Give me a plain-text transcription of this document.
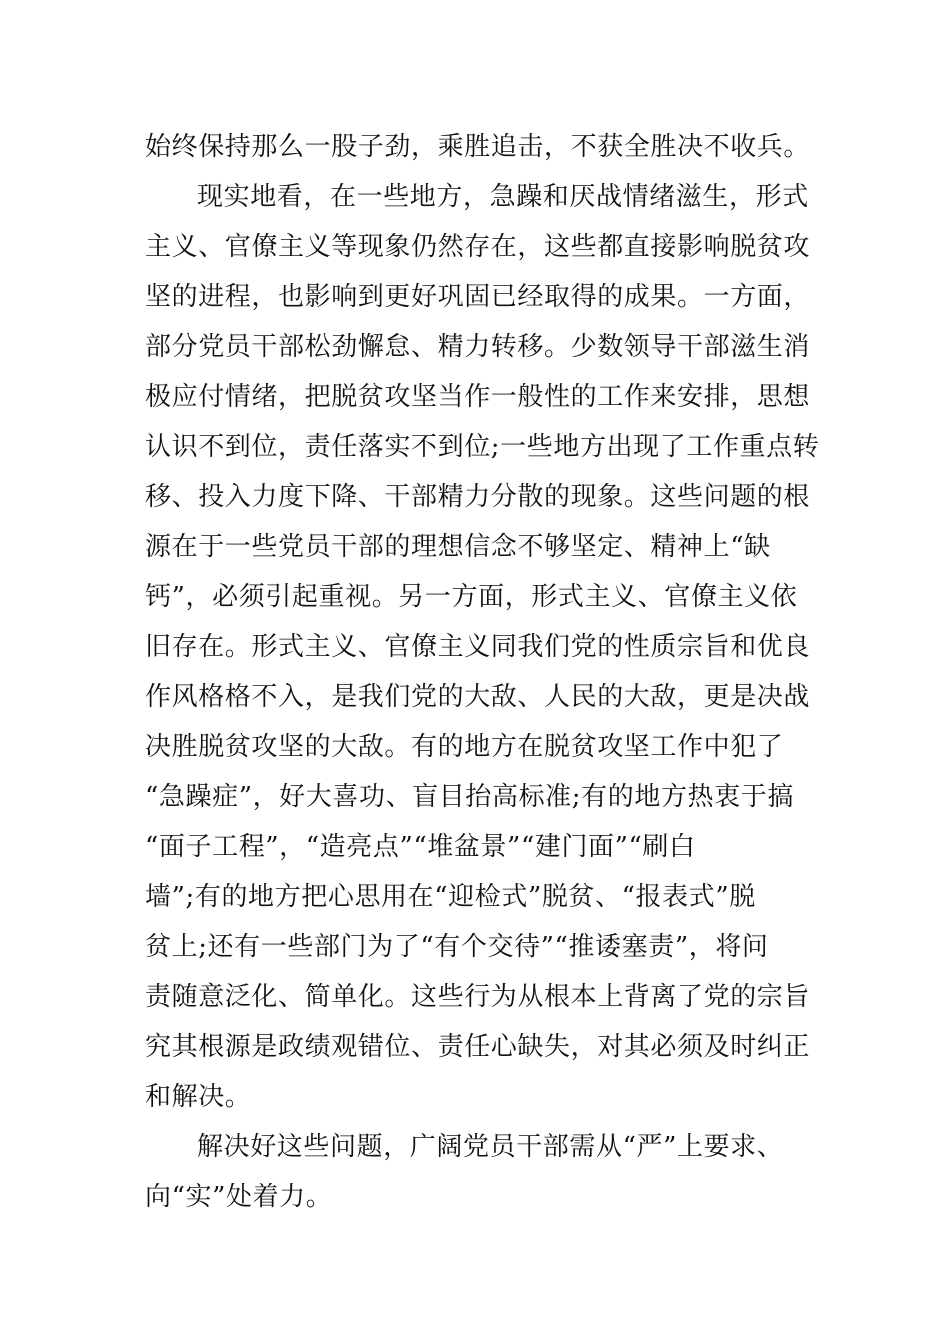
始终保持那么一股子劲，乘胜追击，不获全胜决不收兵。
现实地看，在一些地方，急躁和厌战情绪滋生，形式
主义、官僚主义等现象仍然存在，这些都直接影响脱贫攻
坚的进程，也影响到更好巩固已经取得的成果。一方面，
部分党员干部松劲懈怠、精力转移。少数领导干部滋生消
极应付情绪，把脱贫攻坚当作一般性的工作来安排，思想
认识不到位，责任落实不到位;一些地方出现了工作重点转
移、投入力度下降、干部精力分散的现象。这些问题的根
源在于一些党员干部的理想信念不够坚定、精神上“缺
钙”，必须引起重视。另一方面，形式主义、官僚主义依
旧存在。形式主义、官僚主义同我们党的性质宗旨和优良
作风格格不入，是我们党的大敌、人民的大敌，更是决战
决胜脱贫攻坚的大敌。有的地方在脱贫攻坚工作中犯了
“急躁症”，好大喜功、盲目抬高标准;有的地方热衷于搞
“面子工程”，“造亮点”“堆盆景”“建门面”“刷白
墙”;有的地方把心思用在“迎检式”脱贫、“报表式”脱
贫上;还有一些部门为了“有个交待”“推诿塞责”，将问
责随意泛化、简单化。这些行为从根本上背离了党的宗旨
究其根源是政绩观错位、责任心缺失，对其必须及时纠正
和解决。
解决好这些问题，广阔党员干部需从“严”上要求、
向“实”处着力。
